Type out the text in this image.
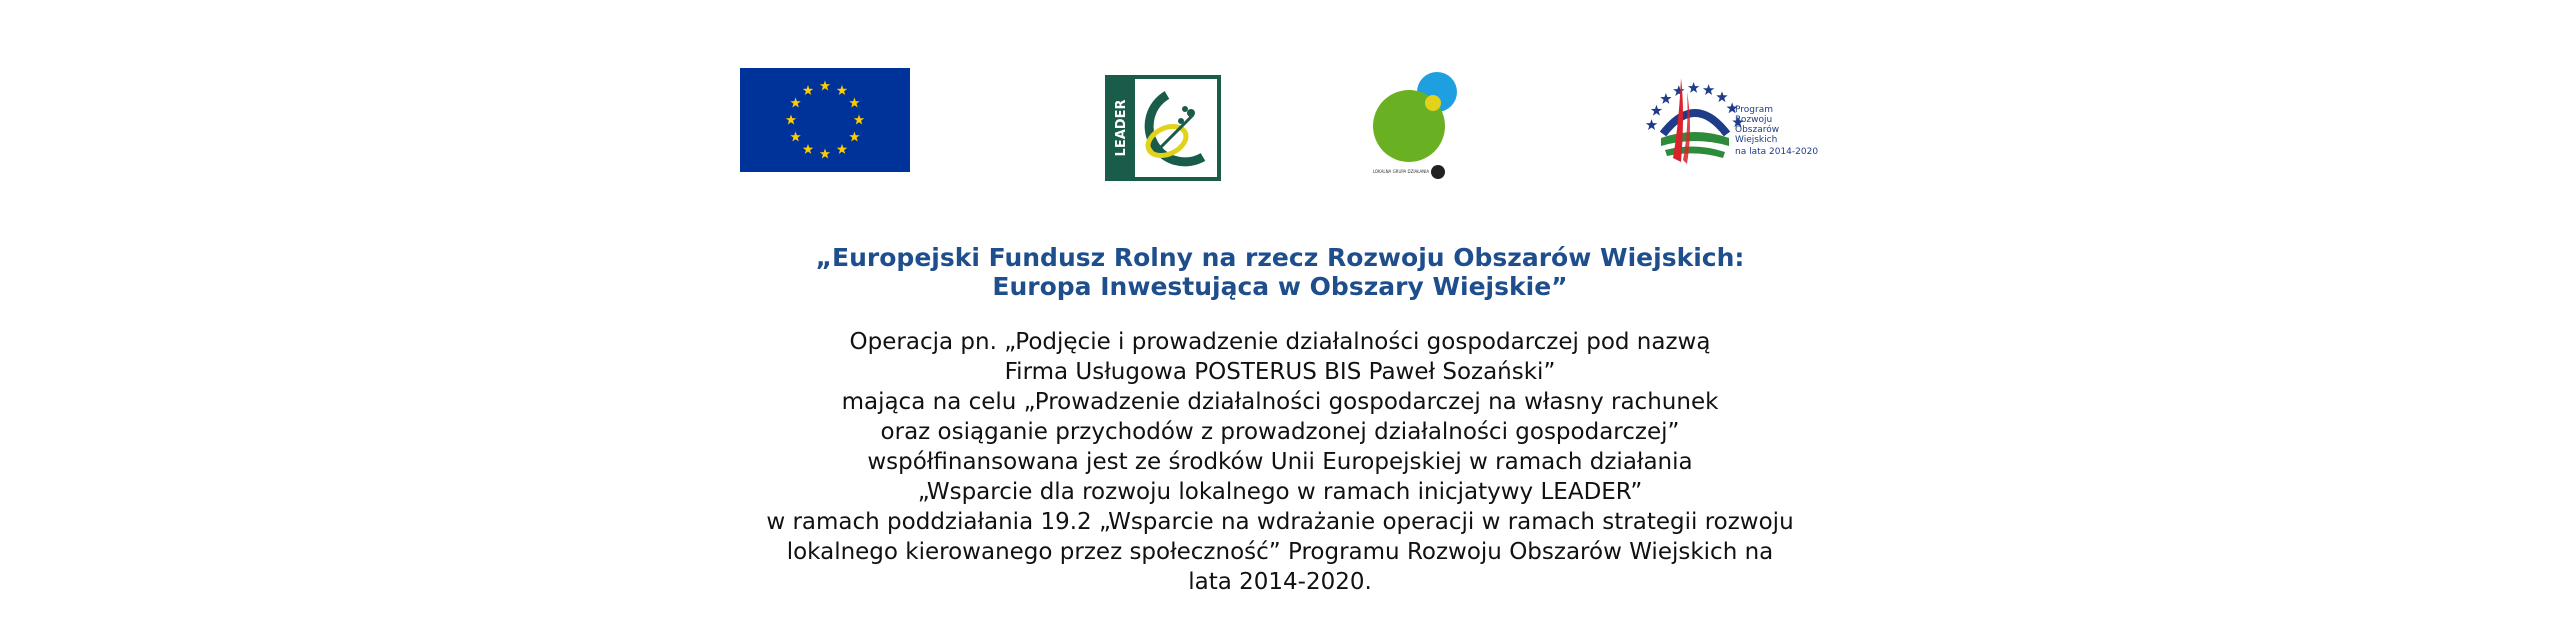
LEADER
LOKALNA GRUPA DZIAŁANIA
Program Rozwoju Obszarów Wiejskich na lata 2014-2020
„Europejski Fundusz Rolny na rzecz Rozwoju Obszarów Wiejskich:
Europa Inwestująca w Obszary Wiejskie”
Operacja pn. „Podjęcie i prowadzenie działalności gospodarczej pod nazwą
Firma Usługowa POSTERUS BIS Paweł Sozański”
mająca na celu „Prowadzenie działalności gospodarczej na własny rachunek
oraz osiąganie przychodów z prowadzonej działalności gospodarczej”
współfinansowana jest ze środków Unii Europejskiej w ramach działania
„Wsparcie dla rozwoju lokalnego w ramach inicjatywy LEADER”
w ramach poddziałania 19.2 „Wsparcie na wdrażanie operacji w ramach strategii rozwoju
lokalnego kierowanego przez społeczność” Programu Rozwoju Obszarów Wiejskich na
lata 2014-2020.
